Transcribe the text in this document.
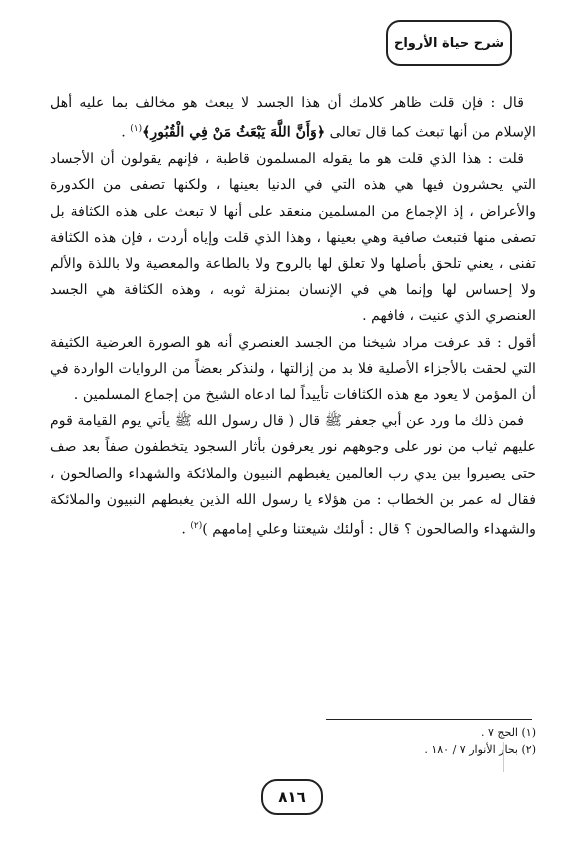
شرح حياة الأرواح

قال : فإن قلت ظاهر كلامك أن هذا الجسد لا يبعث هو مخالف بما عليه أهل الإسلام من أنها تبعث كما قال تعالى ﴿وَأَنَّ اللَّهَ يَبْعَثُ مَنْ فِي الْقُبُورِ﴾$^{(١)}$ .

قلت : هذا الذي قلت هو ما يقوله المسلمون قاطبة ، فإنهم يقولون أن الأجساد التي يحشرون فيها هي هذه التي في الدنيا بعينها ، ولكنها تصفى من الكدورة والأعراض ، إذ الإجماع من المسلمين منعقد على أنها لا تبعث على هذه الكثافة بل تصفى منها فتبعث صافية وهي بعينها ، وهذا الذي قلت وإياه أردت ، فإن هذه الكثافة تفنى ، يعني تلحق بأصلها ولا تعلق لها بالروح ولا بالطاعة والمعصية ولا باللذة والألم ولا إحساس لها وإنما هي في الإنسان بمنزلة ثوبه ، وهذه الكثافة هي الجسد العنصري الذي عنيت ، فافهم .

أقول : قد عرفت مراد شيخنا من الجسد العنصري أنه هو الصورة العرضية الكثيفة التي لحقت بالأجزاء الأصلية فلا بد من إزالتها ، ولنذكر بعضاً من الروايات الواردة في أن المؤمن لا يعود مع هذه الكثافات تأييداً لما ادعاه الشيخ من إجماع المسلمين .

فمن ذلك ما ورد عن أبي جعفر ﷺ قال ( قال رسول الله ﷺ يأتي يوم القيامة قوم عليهم ثياب من نور على وجوههم نور يعرفون بأثار السجود يتخطفون صفاً بعد صف حتى يصيروا بين يدي رب العالمين يغبطهم النبيون والملائكة والشهداء والصالحون ، فقال له عمر بن الخطاب : من هؤلاء يا رسول الله الذين يغبطهم النبيون والملائكة والشهداء والصالحون ؟ قال : أولئك شيعتنا وعلي إمامهم )$^{(٢)}$ .

(١) الحج ٧ .

(٢) بحار الأنوار ٧ / ١٨٠ .

٨١٦
